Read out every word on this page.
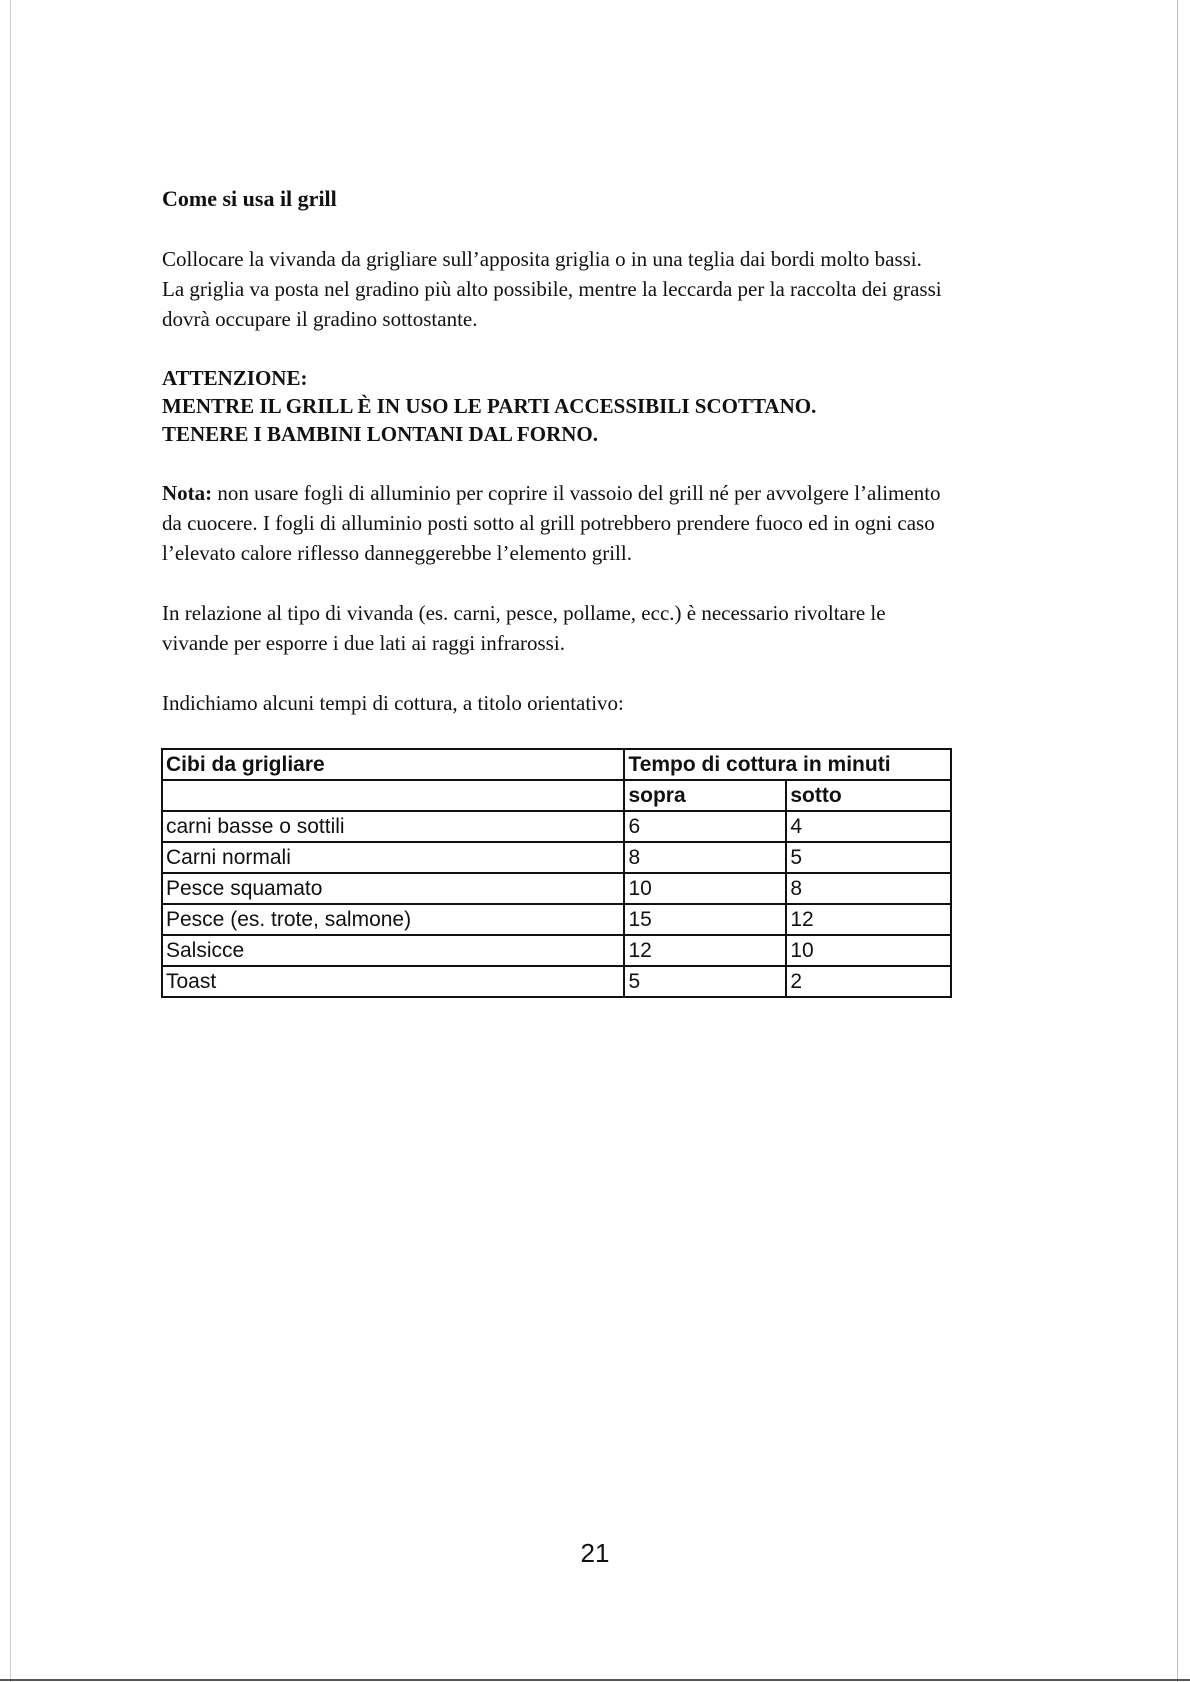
Come si usa il grill

Collocare la vivanda da grigliare sull’apposita griglia o in una teglia dai bordi molto bassi.
La griglia va posta nel gradino più alto possibile, mentre la leccarda per la raccolta dei grassi
dovrà occupare il gradino sottostante.

ATTENZIONE:
MENTRE IL GRILL È IN USO LE PARTI ACCESSIBILI SCOTTANO.
TENERE I BAMBINI LONTANI DAL FORNO.

Nota: non usare fogli di alluminio per coprire il vassoio del grill né per avvolgere l’alimento
da cuocere. I fogli di alluminio posti sotto al grill potrebbero prendere fuoco ed in ogni caso
l’elevato calore riflesso danneggerebbe l’elemento grill.

In relazione al tipo di vivanda (es. carni, pesce, pollame, ecc.) è necessario rivoltare le
vivande per esporre i due lati ai raggi infrarossi.

Indichiamo alcuni tempi di cottura, a titolo orientativo:

Cibi da grigliare	Tempo di cottura in minuti	
	sopra	sotto
carni basse o sottili	6	4
Carni normali	8	5
Pesce squamato	10	8
Pesce (es. trote, salmone)	15	12
Salsicce	12	10
Toast	5	2
21
